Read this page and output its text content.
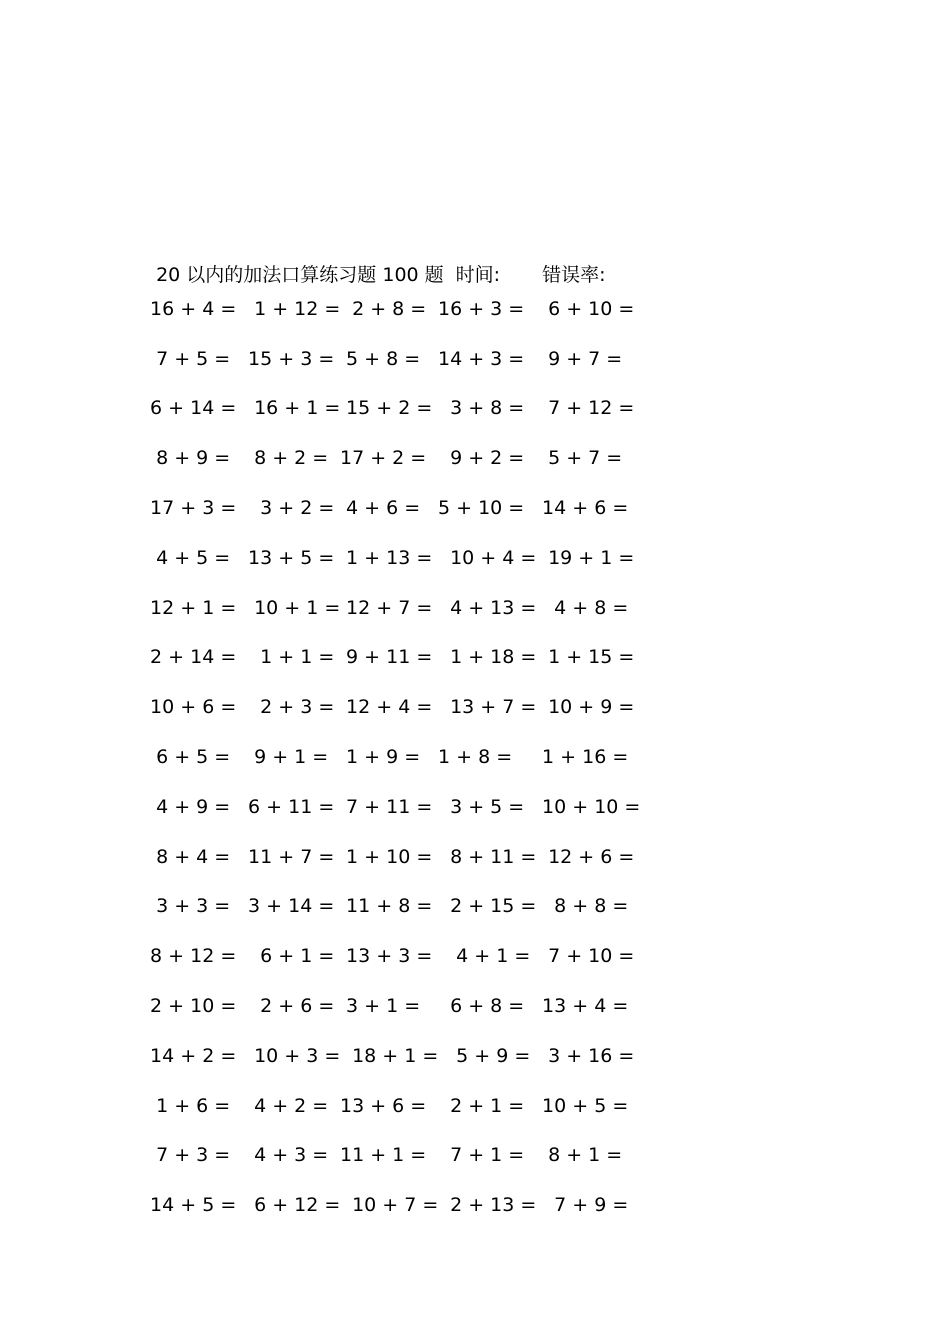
20 以内的加法口算练习题 100 题 时间: 错误率:

16 + 4 = 1 + 12 = 2 + 8 = 16 + 3 = 6 + 10 =
7 + 5 = 15 + 3 = 5 + 8 = 14 + 3 = 9 + 7 =
6 + 14 = 16 + 1 = 15 + 2 = 3 + 8 = 7 + 12 =
8 + 9 = 8 + 2 = 17 + 2 = 9 + 2 = 5 + 7 =
17 + 3 = 3 + 2 = 4 + 6 = 5 + 10 = 14 + 6 =
4 + 5 = 13 + 5 = 1 + 13 = 10 + 4 = 19 + 1 =
12 + 1 = 10 + 1 = 12 + 7 = 4 + 13 = 4 + 8 =
2 + 14 = 1 + 1 = 9 + 11 = 1 + 18 = 1 + 15 =
10 + 6 = 2 + 3 = 12 + 4 = 13 + 7 = 10 + 9 =
6 + 5 = 9 + 1 = 1 + 9 = 1 + 8 =	1 + 16 =
4 + 9 = 6 + 11 = 7 + 11 = 3 + 5 = 10 + 10 =
8 + 4 = 11 + 7 = 1 + 10 = 8 + 11 = 12 + 6 =
3 + 3 = 3 + 14 = 11 + 8 = 2 + 15 = 8 + 8 =
8 + 12 = 6 + 1 = 13 + 3 = 4 + 1 = 7 + 10 =
2 + 10 = 2 + 6 = 3 + 1 = 6 + 8 = 13 + 4 =
14 + 2 = 10 + 3 = 18 + 1 = 5 + 9 = 3 + 16 =
1 + 6 = 4 + 2 = 13 + 6 = 2 + 1 = 10 + 5 =
7 + 3 = 4 + 3 = 11 + 1 = 7 + 1 = 8 + 1 =
14 + 5 = 6 + 12 = 10 + 7 = 2 + 13 = 7 + 9 =
